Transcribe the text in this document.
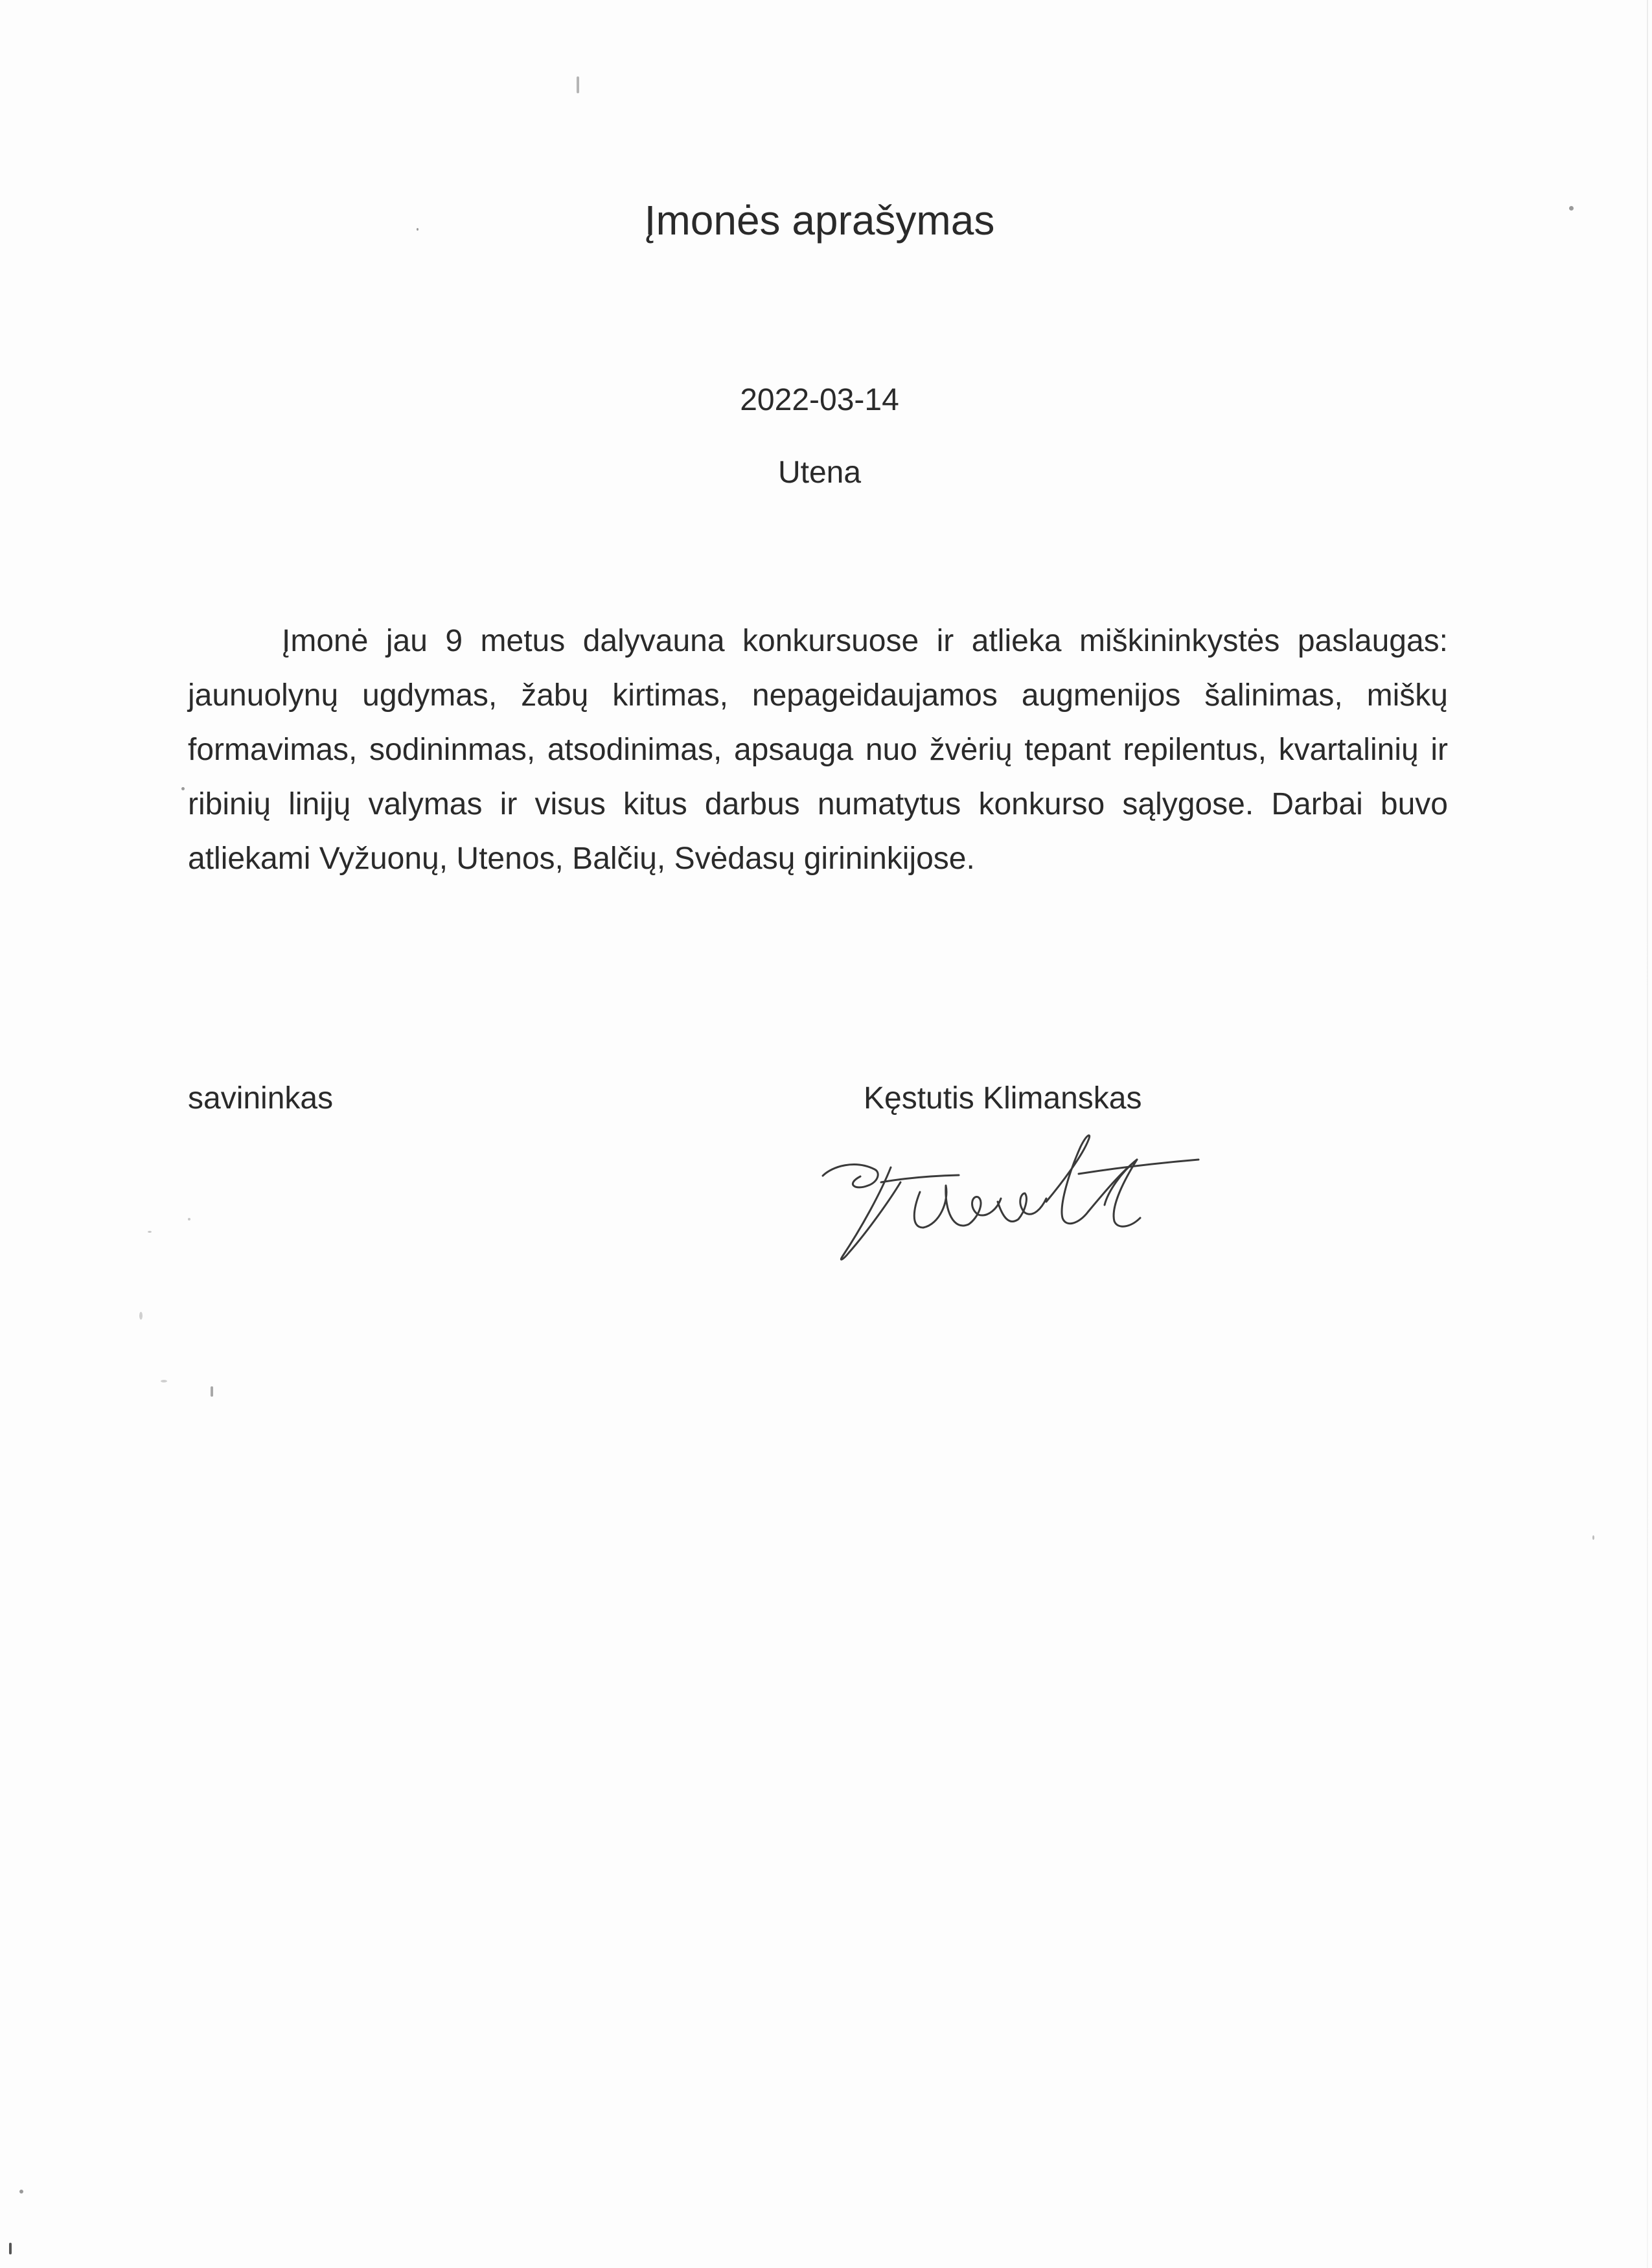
Įmonės aprašymas
2022-03-14
Utena

Įmonė jau 9 metus dalyvauna konkursuose ir atlieka miškininkystės paslaugas: jaunuolynų ugdymas, žabų kirtimas, nepageidaujamos augmenijos šalinimas, miškų formavimas, sodininmas, atsodinimas, apsauga nuo žvėrių tepant repilentus, kvartalinių ir ribinių linijų valymas ir visus kitus darbus numatytus konkurso sąlygose. Darbai buvo atliekami Vyžuonų, Utenos, Balčių, Svėdasų girininkijose.

savininkas	Kęstutis Klimanskas
